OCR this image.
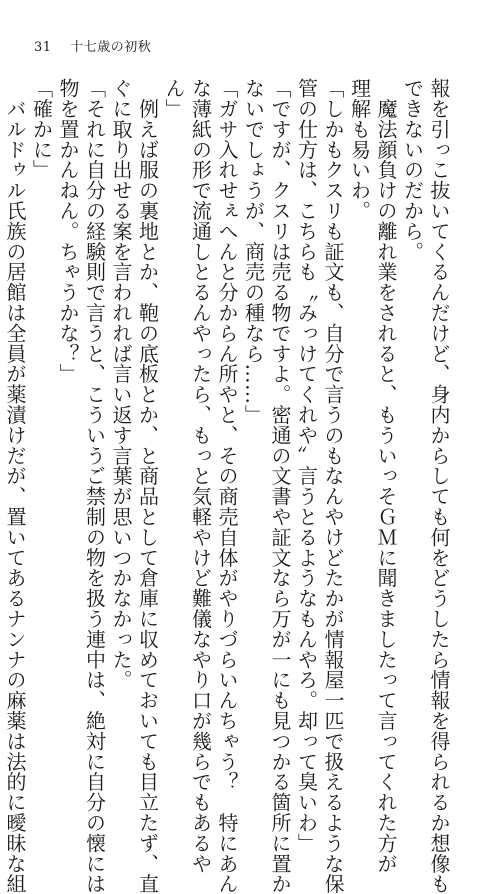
31 十七歳の初秋
報を引っこ抜いてくるんだけど、身内からしても何をどうしたら情報を得られるか想像も
できないのだから。
　魔法顔負けの離れ業をされると、もういっそＧＭに聞きましたって言ってくれた方が
理解も易いわ。
「しかもクスリも証文も、自分で言うのもなんやけどたかが情報屋一匹で扱えるような保
管の仕方は、こちらも〝みっけてくれや〟言うとるようなもんやろ。却って臭いわ」
「ですが、クスリは売る物ですよ。密通の文書や証文なら万が一にも見つかる箇所に置か
ないでしょうが、商売の種なら……」
「ガサ入れせぇへんと分からん所やと、その商売自体がやりづらいんちゃう？　特にあん
な薄紙の形で流通しとるんやったら、もっと気軽やけど難儀なやり口が幾らでもあるや
ん」
　例えば服の裏地とか、鞄の底板とか、と商品として倉庫に収めておいても目立たず、直
ぐに取り出せる案を言われれば言い返す言葉が思いつかなかった。
「それに自分の経験則で言うと、こういうご禁制の物を扱う連中は、絶対に自分の懐には
物を置かんねん。ちゃうかな？」
「確かに」
　バルドゥル氏族の居館は全員が薬漬けだが、置いてあるナンナの麻薬は法的に曖昧な組
